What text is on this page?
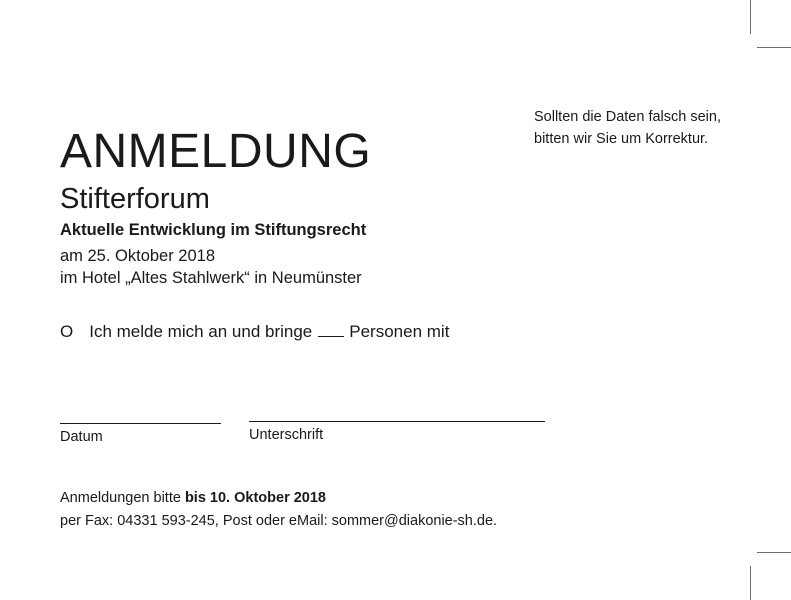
ANMELDUNG
Sollten die Daten falsch sein,
bitten wir Sie um Korrektur.

Stifterforum

Aktuelle Entwicklung im Stiftungsrecht

am 25. Oktober 2018

im Hotel „Altes Stahlwerk“ in Neumünster

O Ich melde mich an und bringe Personen mit
Datum	Unterschrift
Anmeldungen bitte bis 10. Oktober 2018
per Fax: 04331 593-245, Post oder eMail: sommer@diakonie-sh.de.
